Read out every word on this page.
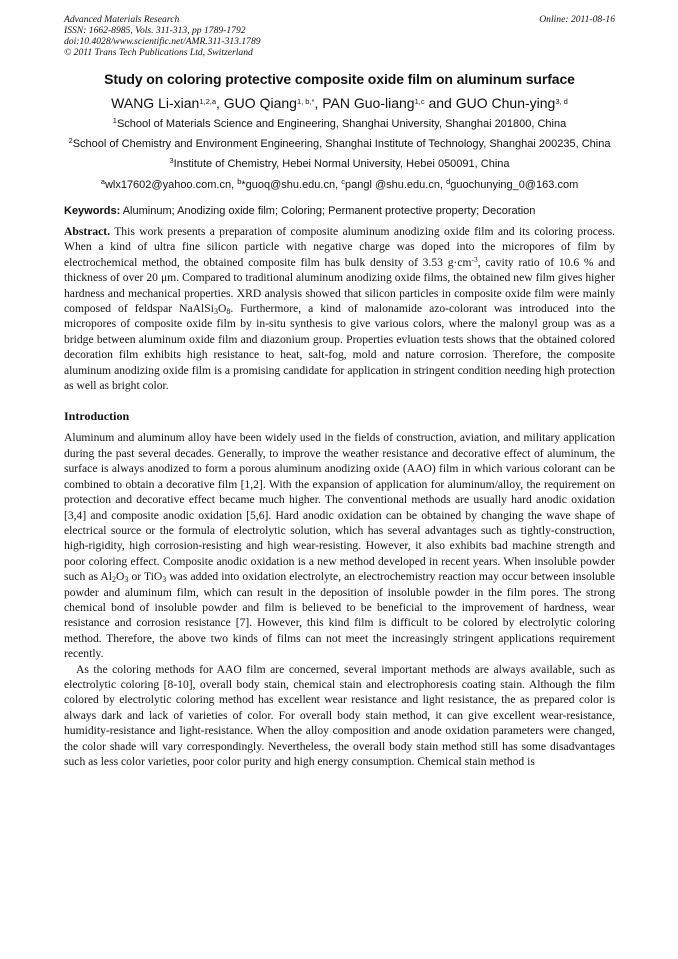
Advanced Materials Research
ISSN: 1662-8985, Vols. 311-313, pp 1789-1792
doi:10.4028/www.scientific.net/AMR.311-313.1789
© 2011 Trans Tech Publications Ltd, Switzerland
Online: 2011-08-16
Study on coloring protective composite oxide film on aluminum surface
WANG Li-xian$^{1,2,a}$, GUO Qiang$^{1, b,*}$, PAN Guo-liang$^{1,c}$ and GUO Chun-ying$^{3, d}$
$^1$School of Materials Science and Engineering, Shanghai University, Shanghai 201800, China
$^2$School of Chemistry and Environment Engineering, Shanghai Institute of Technology, Shanghai 200235, China
$^3$Institute of Chemistry, Hebei Normal University, Hebei 050091, China
$^a$wlx17602@yahoo.com.cn, $^b$*guoq@shu.edu.cn, $^c$pangl @shu.edu.cn, $^d$guochunying_0@163.com
Keywords: Aluminum; Anodizing oxide film; Coloring; Permanent protective property; Decoration
Abstract. This work presents a preparation of composite aluminum anodizing oxide film and its coloring process. When a kind of ultra fine silicon particle with negative charge was doped into the micropores of film by electrochemical method, the obtained composite film has bulk density of 3.53 $g\cdot cm^{-3}$, cavity ratio of 10.6 % and thickness of over 20 μm. Compared to traditional aluminum anodizing oxide films, the obtained new film gives higher hardness and mechanical properties. XRD analysis showed that silicon particles in composite oxide film were mainly composed of feldspar $NaAlSi_3O_8$. Furthermore, a kind of malonamide azo-colorant was introduced into the micropores of composite oxide film by in-situ synthesis to give various colors, where the malonyl group was as a bridge between aluminum oxide film and diazonium group. Properties evluation tests shows that the obtained colored decoration film exhibits high resistance to heat, salt-fog, mold and nature corrosion. Therefore, the composite aluminum anodizing oxide film is a promising candidate for application in stringent condition needing high protection as well as bright color.
Introduction
Aluminum and aluminum alloy have been widely used in the fields of construction, aviation, and military application during the past several decades. Generally, to improve the weather resistance and decorative effect of aluminum, the surface is always anodized to form a porous aluminum anodizing oxide (AAO) film in which various colorant can be combined to obtain a decorative film [1,2]. With the expansion of application for aluminum/alloy, the requirement on protection and decorative effect became much higher. The conventional methods are usually hard anodic oxidation [3,4] and composite anodic oxidation [5,6]. Hard anodic oxidation can be obtained by changing the wave shape of electrical source or the formula of electrolytic solution, which has several advantages such as tightly-construction, high-rigidity, high corrosion-resisting and high wear-resisting. However, it also exhibits bad machine strength and poor coloring effect. Composite anodic oxidation is a new method developed in recent years. When insoluble powder such as $Al_2O_3$ or TiO$_3$ was added into oxidation electrolyte, an electrochemistry reaction may occur between insoluble powder and aluminum film, which can result in the deposition of insoluble powder in the film pores. The strong chemical bond of insoluble powder and film is believed to be beneficial to the improvement of hardness, wear resistance and corrosion resistance [7]. However, this kind film is difficult to be colored by electrolytic coloring method. Therefore, the above two kinds of films can not meet the increasingly stringent applications requirement recently.
As the coloring methods for AAO film are concerned, several important methods are always available, such as electrolytic coloring [8-10], overall body stain, chemical stain and electrophoresis coating stain. Although the film colored by electrolytic coloring method has excellent wear resistance and light resistance, the as prepared color is always dark and lack of varieties of color. For overall body stain method, it can give excellent wear-resistance, humidity-resistance and light-resistance. When the alloy composition and anode oxidation parameters were changed, the color shade will vary correspondingly. Nevertheless, the overall body stain method still has some disadvantages such as less color varieties, poor color purity and high energy consumption. Chemical stain method is
